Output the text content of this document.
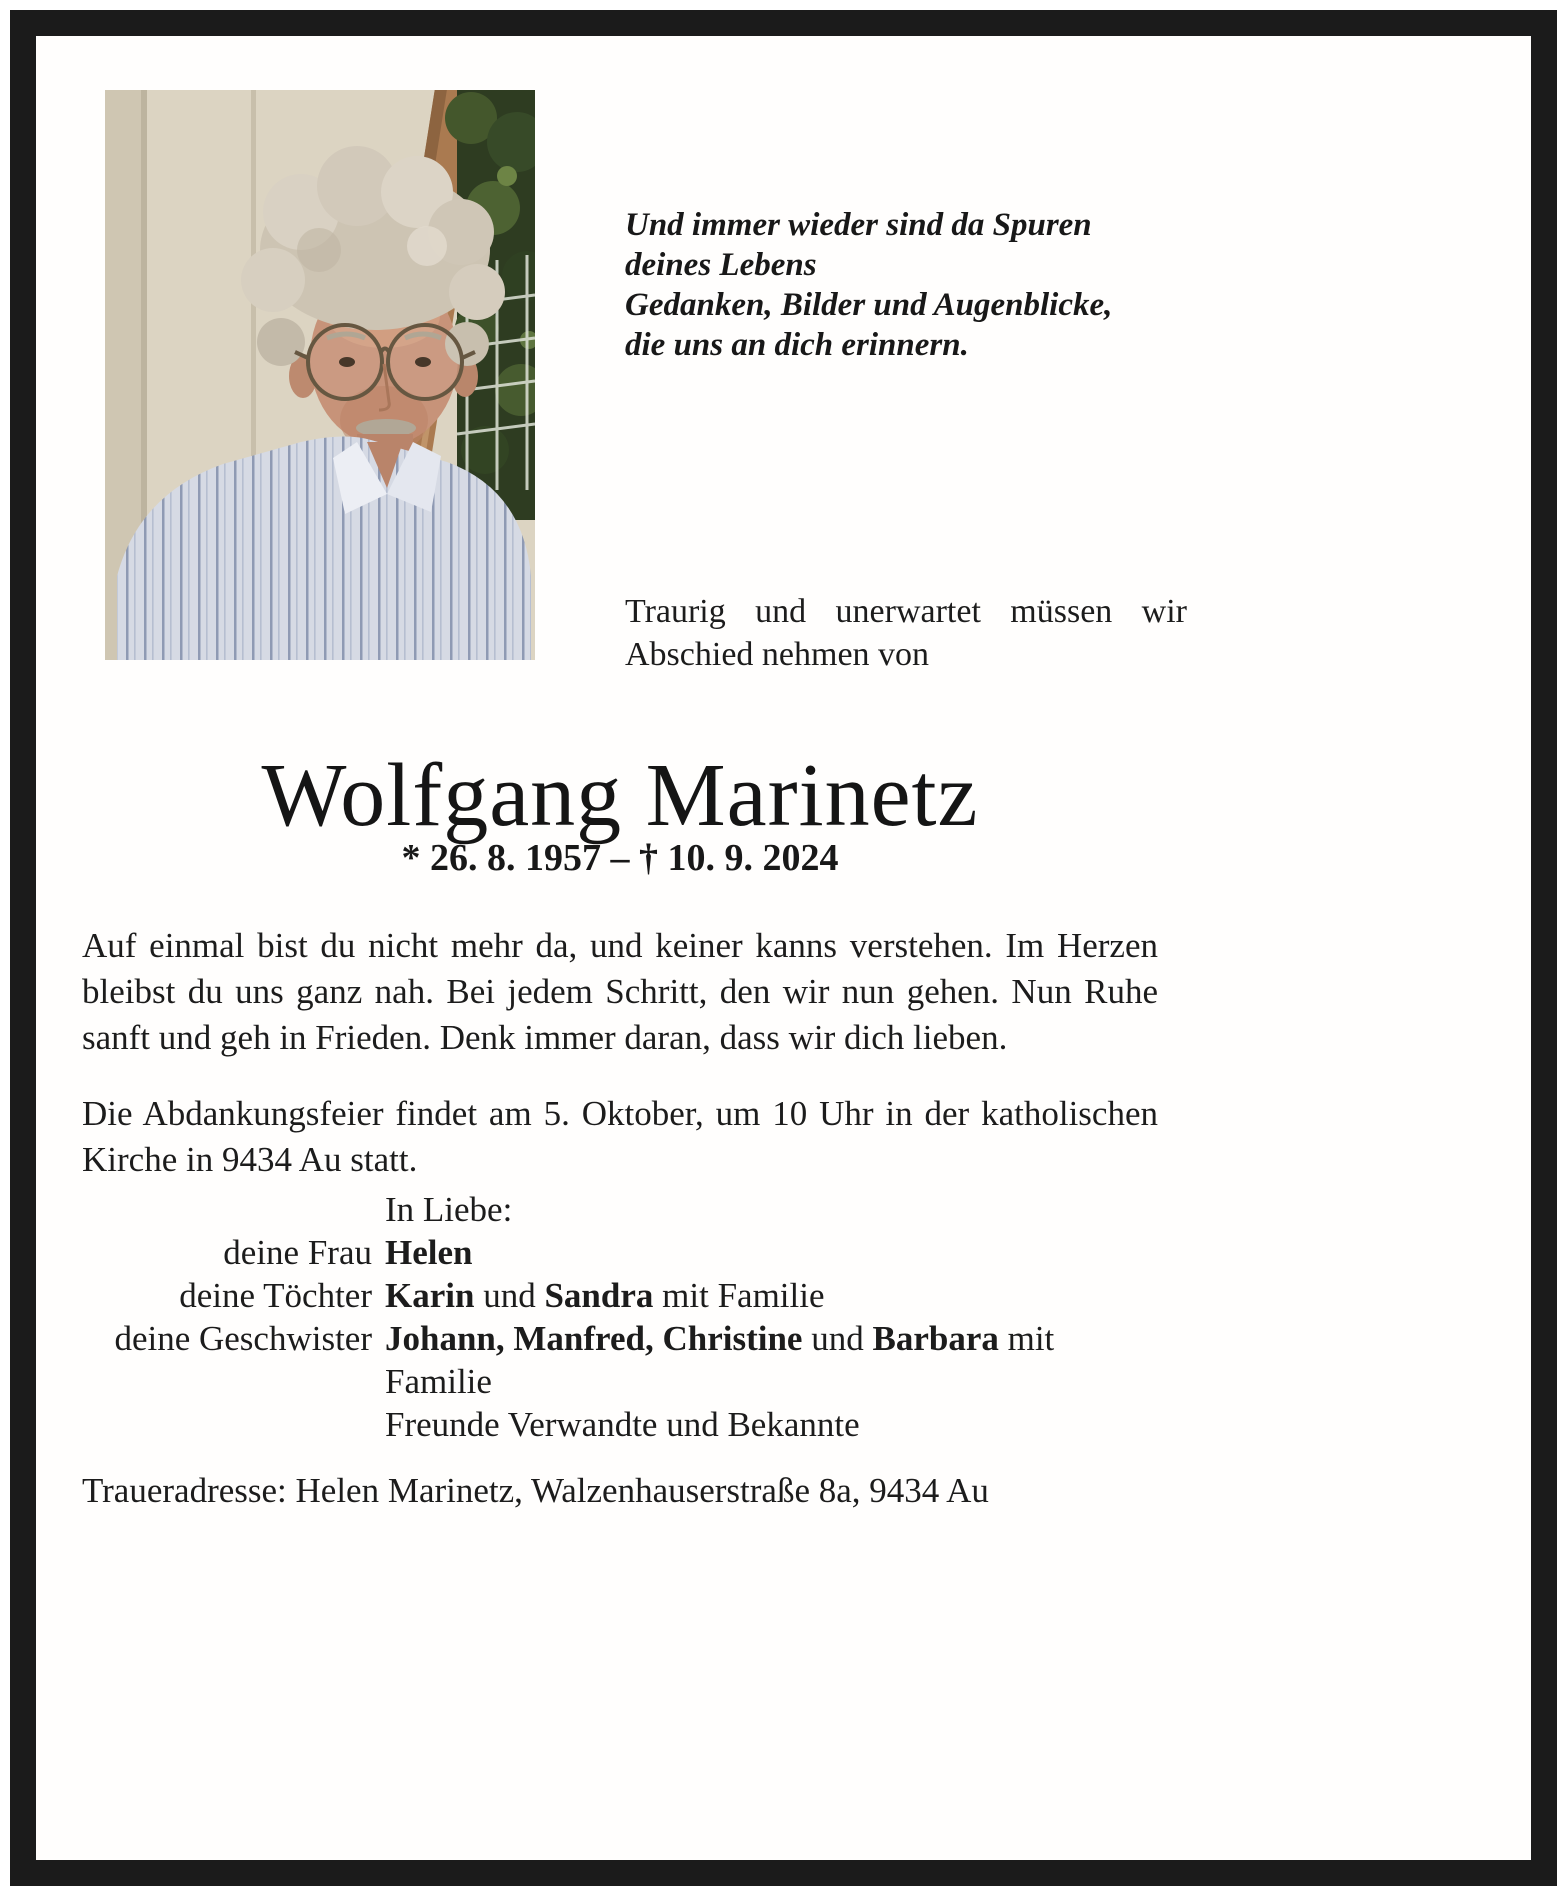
Und immer wieder sind da Spuren
deines Lebens
Gedanken, Bilder und Augenblicke,
die uns an dich erinnern.
Traurig und unerwartet müssen wir
Abschied nehmen von
Wolfgang Marinetz
* 26. 8. 1957 – † 10. 9. 2024

Auf einmal bist du nicht mehr da, und keiner kanns verstehen. Im Herzen bleibst du uns ganz nah. Bei jedem Schritt, den wir nun gehen. Nun Ruhe sanft und geh in Frieden. Denk immer daran, dass wir dich lieben.

Die Abdankungsfeier findet am 5. Oktober, um 10 Uhr in der katholischen Kirche in 9434 Au statt.

In Liebe:
deine Frau Helen
deine Töchter Karin und Sandra mit Familie
deine Geschwister Johann, Manfred, Christine und Barbara mit Familie
Freunde Verwandte und Bekannte
Traueradresse: Helen Marinetz, Walzenhauserstraße 8a, 9434 Au
